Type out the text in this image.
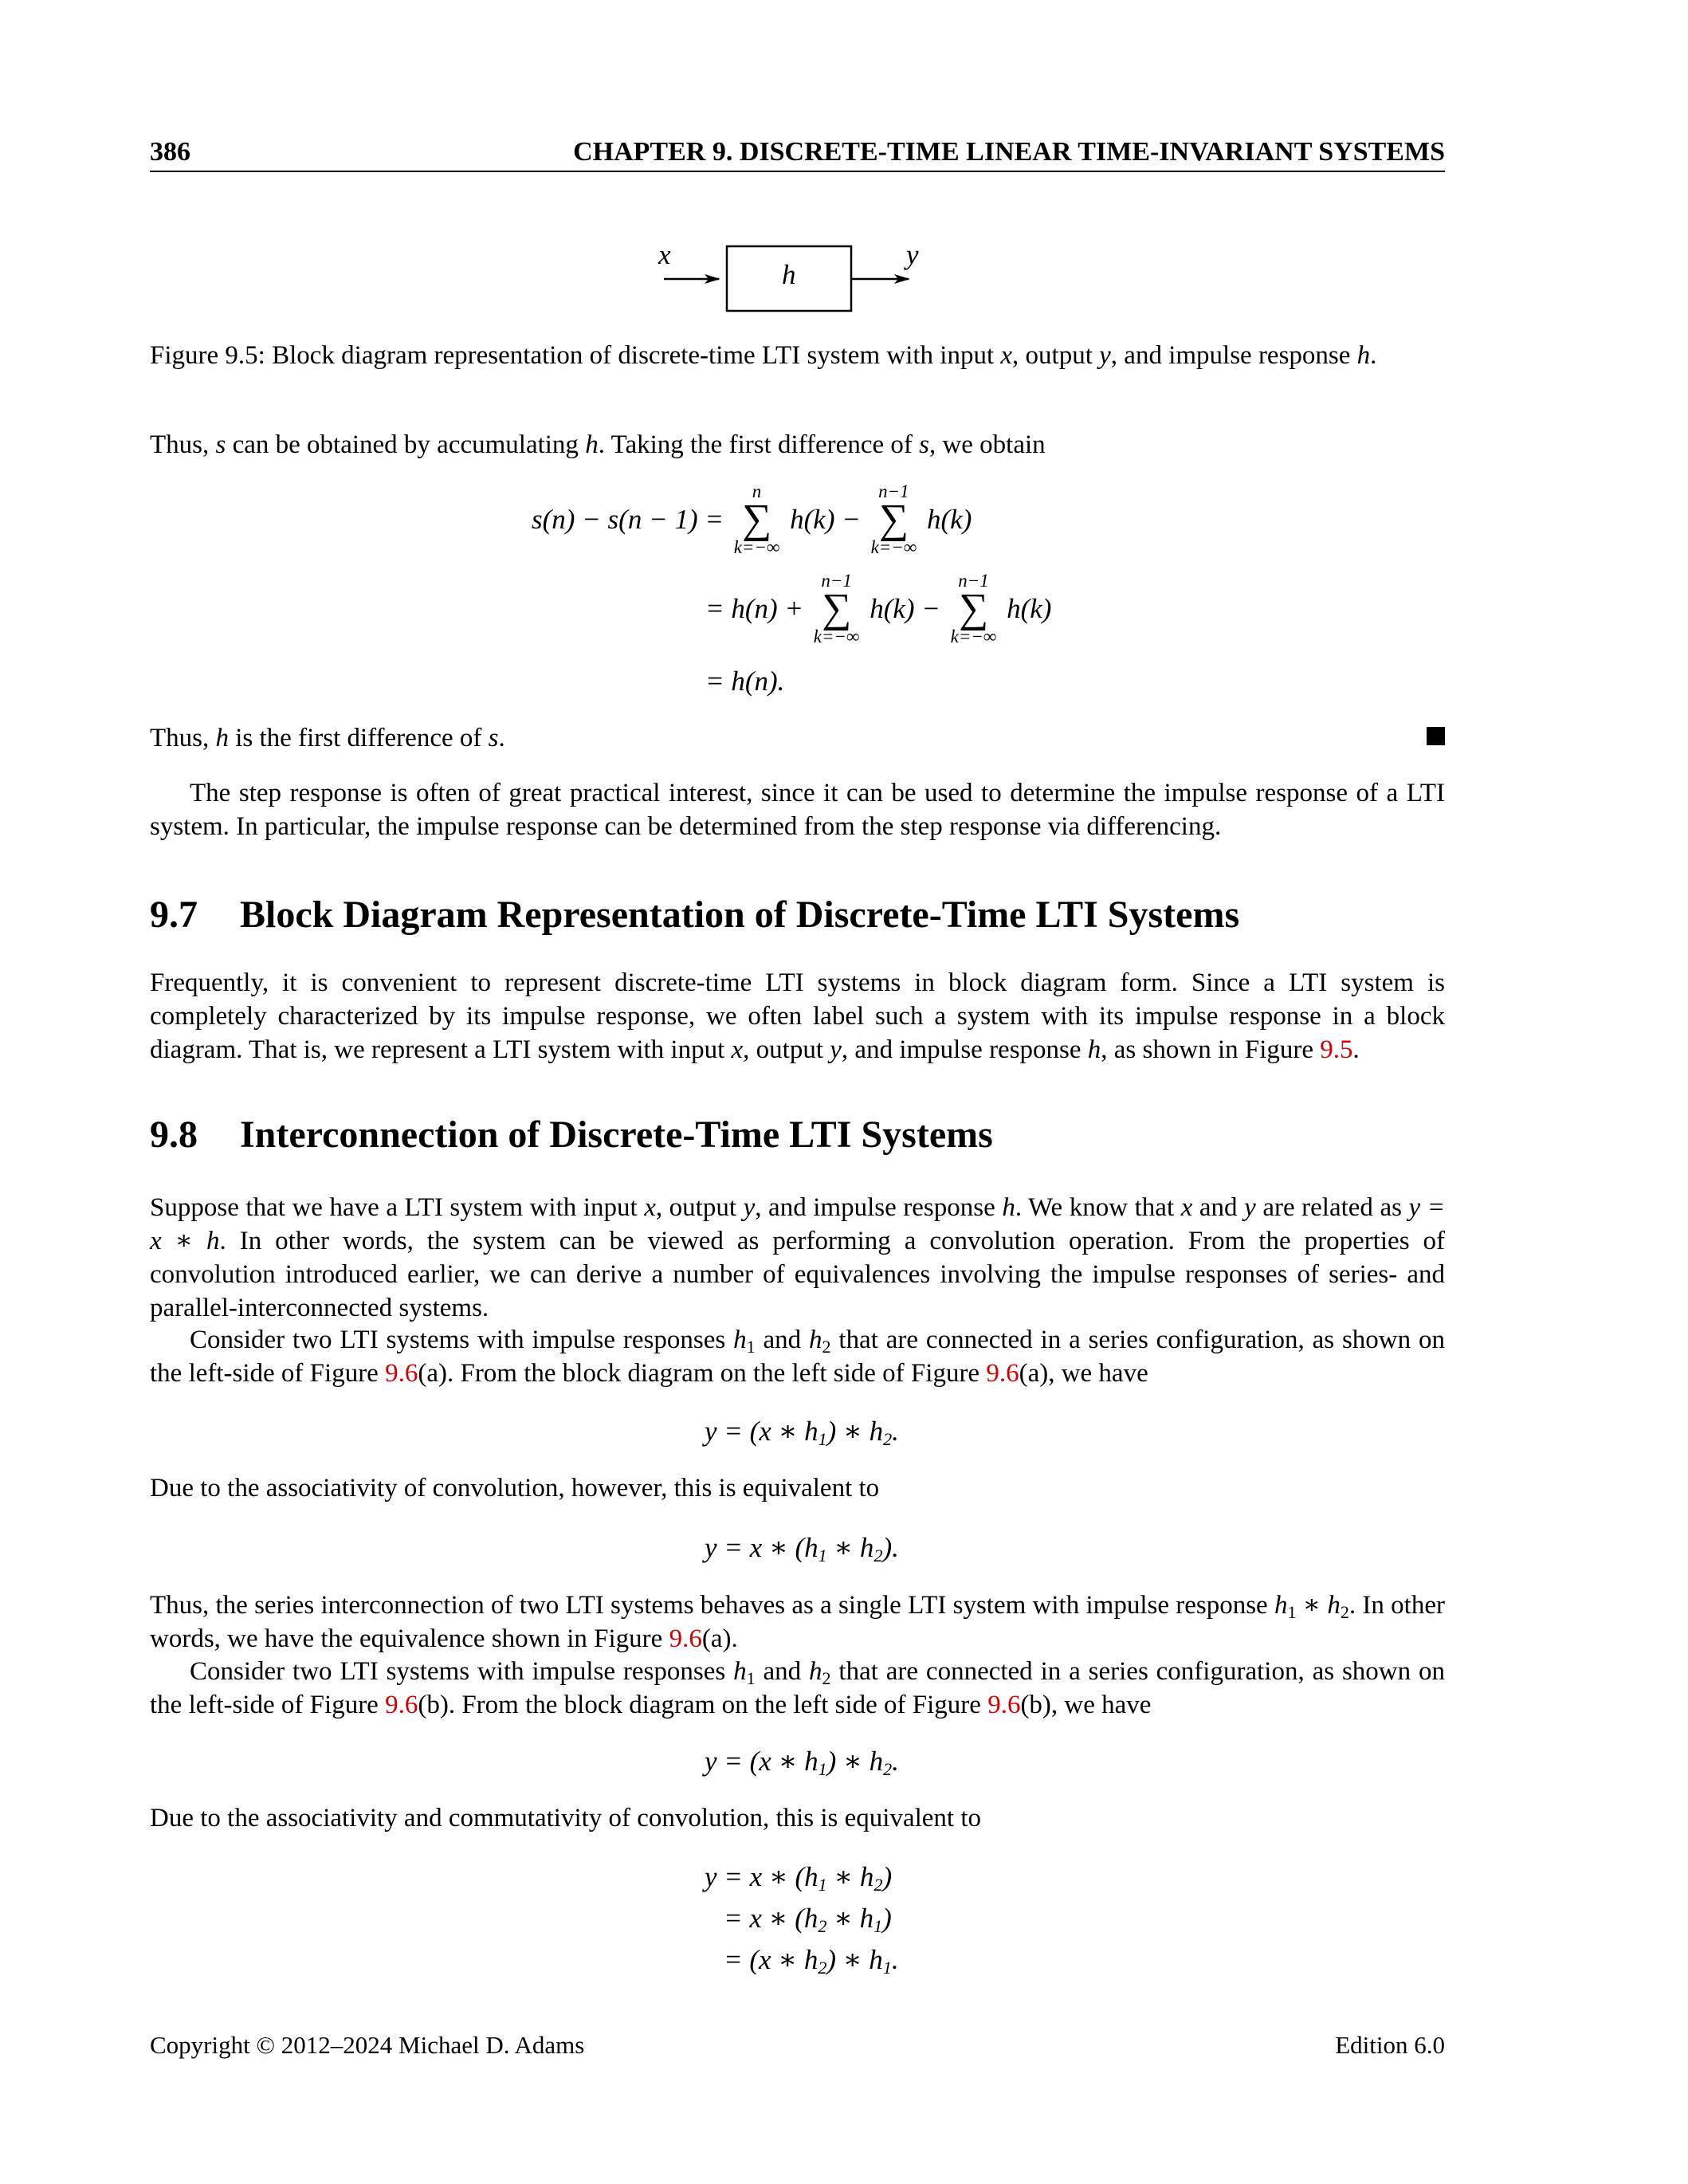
386	CHAPTER 9. DISCRETE-TIME LINEAR TIME-INVARIANT SYSTEMS
x	y
h
Figure 9.5: Block diagram representation of discrete-time LTI system with input x, output y, and impulse response h.
Thus, s can be obtained by accumulating h. Taking the first difference of s, we obtain
s(n) − s(n − 1) =
n
∑
k=−∞
h(k) −
n−1
∑
k=−∞
h(k)
= h(n) +
n−1
∑
k=−∞
h(k) −
n−1
∑
k=−∞
h(k)
= h(n).
Thus, h is the first difference of s.
The step response is often of great practical interest, since it can be used to determine the impulse response of a LTI system. In particular, the impulse response can be determined from the step response via differencing.
9.7 Block Diagram Representation of Discrete-Time LTI Systems
Frequently, it is convenient to represent discrete-time LTI systems in block diagram form. Since a LTI system is completely characterized by its impulse response, we often label such a system with its impulse response in a block diagram. That is, we represent a LTI system with input x, output y, and impulse response h, as shown in Figure 9.5.
9.8 Interconnection of Discrete-Time LTI Systems
Suppose that we have a LTI system with input x, output y, and impulse response h. We know that x and y are related as y = x ∗ h. In other words, the system can be viewed as performing a convolution operation. From the properties of convolution introduced earlier, we can derive a number of equivalences involving the impulse responses of series- and parallel-interconnected systems.
Consider two LTI systems with impulse responses $h_1$ and $h_2$ that are connected in a series configuration, as shown on the left-side of Figure 9.6(a). From the block diagram on the left side of Figure 9.6(a), we have
y = (x ∗ $h_1$) ∗ $h_2$.
Due to the associativity of convolution, however, this is equivalent to
y = x ∗ ($h_1$ ∗ $h_2$).
Thus, the series interconnection of two LTI systems behaves as a single LTI system with impulse response $h_1$ ∗ $h_2$. In other words, we have the equivalence shown in Figure 9.6(a).
Consider two LTI systems with impulse responses $h_1$ and $h_2$ that are connected in a series configuration, as shown on the left-side of Figure 9.6(b). From the block diagram on the left side of Figure 9.6(b), we have
y = (x ∗ $h_1$) ∗ $h_2$.
Due to the associativity and commutativity of convolution, this is equivalent to
y = x ∗ ($h_1$ ∗ $h_2$)
= x ∗ ($h_2$ ∗ $h_1$)
= (x ∗ $h_2$) ∗ $h_1$.
Copyright © 2012–2024 Michael D. Adams	Edition 6.0
